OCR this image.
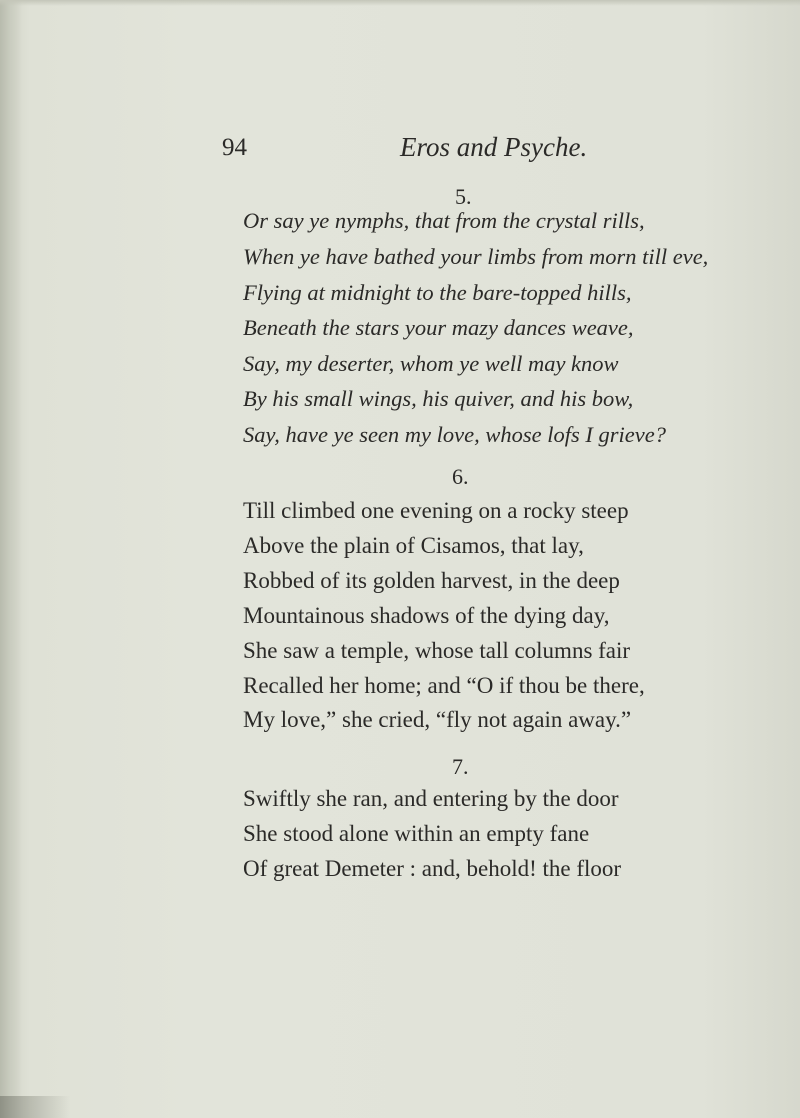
94	Eros and Psyche.
5.
Or say ye nymphs, that from the crystal rills,
When ye have bathed your limbs from morn till eve,
Flying at midnight to the bare-topped hills,
Beneath the stars your mazy dances weave,
Say, my deserter, whom ye well may know
By his small wings, his quiver, and his bow,
Say, have ye seen my love, whose lofs I grieve?
6.
Till climbed one evening on a rocky steep
Above the plain of Cisamos, that lay,
Robbed of its golden harvest, in the deep
Mountainous shadows of the dying day,
She saw a temple, whose tall columns fair
Recalled her home; and “O if thou be there,
My love,” she cried, “fly not again away.”
7.
Swiftly she ran, and entering by the door
She stood alone within an empty fane
Of great Demeter : and, behold! the floor
